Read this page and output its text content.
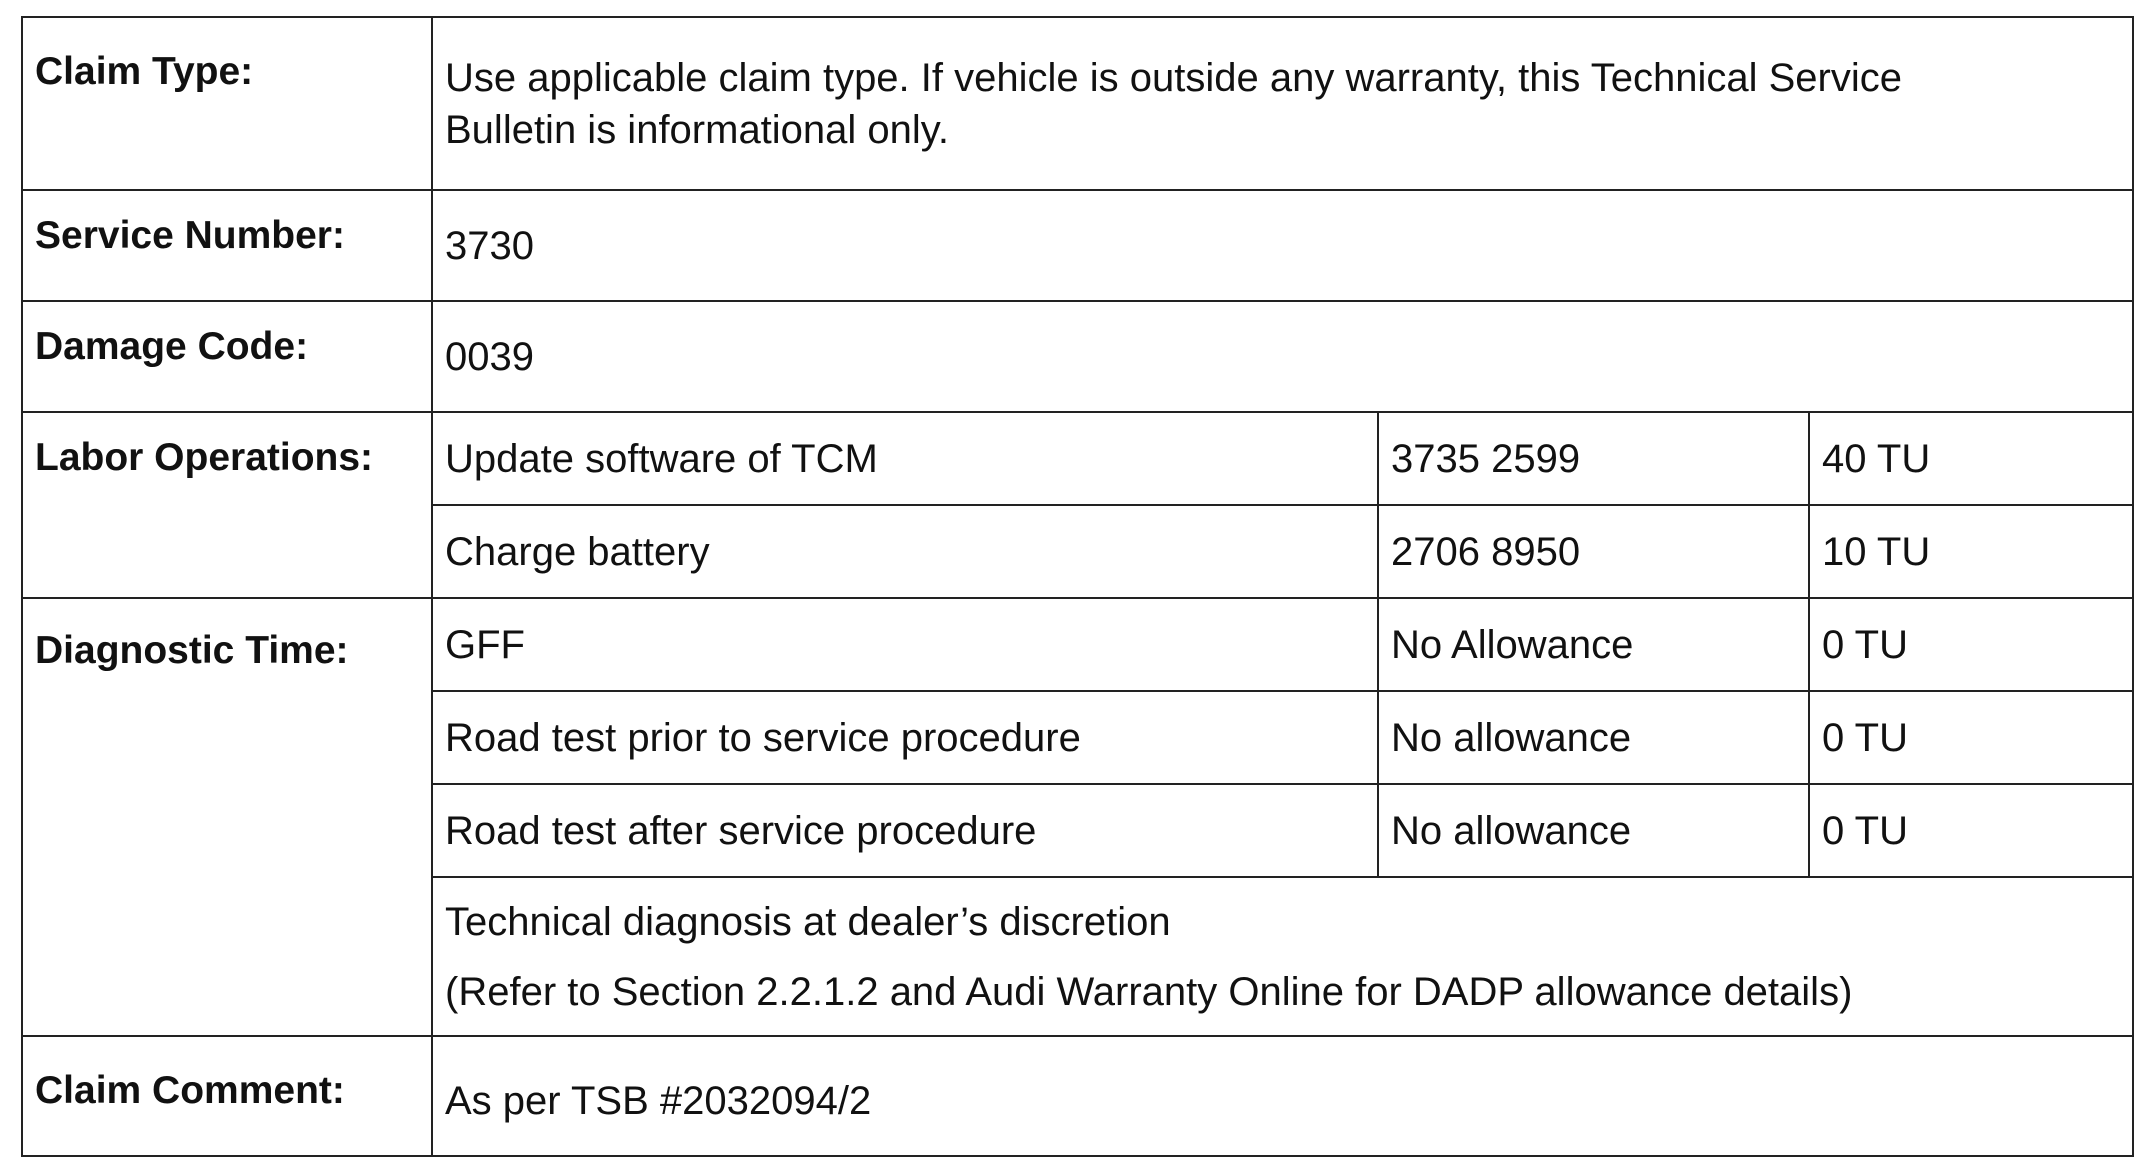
Claim Type:	Use applicable claim type. If vehicle is outside any warranty, this Technical Service
Bulletin is informational only.		
Service Number:	3730		
Damage Code:	0039		
Labor Operations:	Update software of TCM	3735 2599	40 TU
	Charge battery	2706 8950	10 TU
Diagnostic Time:	GFF	No Allowance	0 TU
	Road test prior to service procedure	No allowance	0 TU
	Road test after service procedure	No allowance	0 TU

	Technical diagnosis at dealer’s discretion
(Refer to Section 2.2.1.2 and Audi Warranty Online for DADP allowance details)		

Claim Comment:	As per TSB #2032094/2		
